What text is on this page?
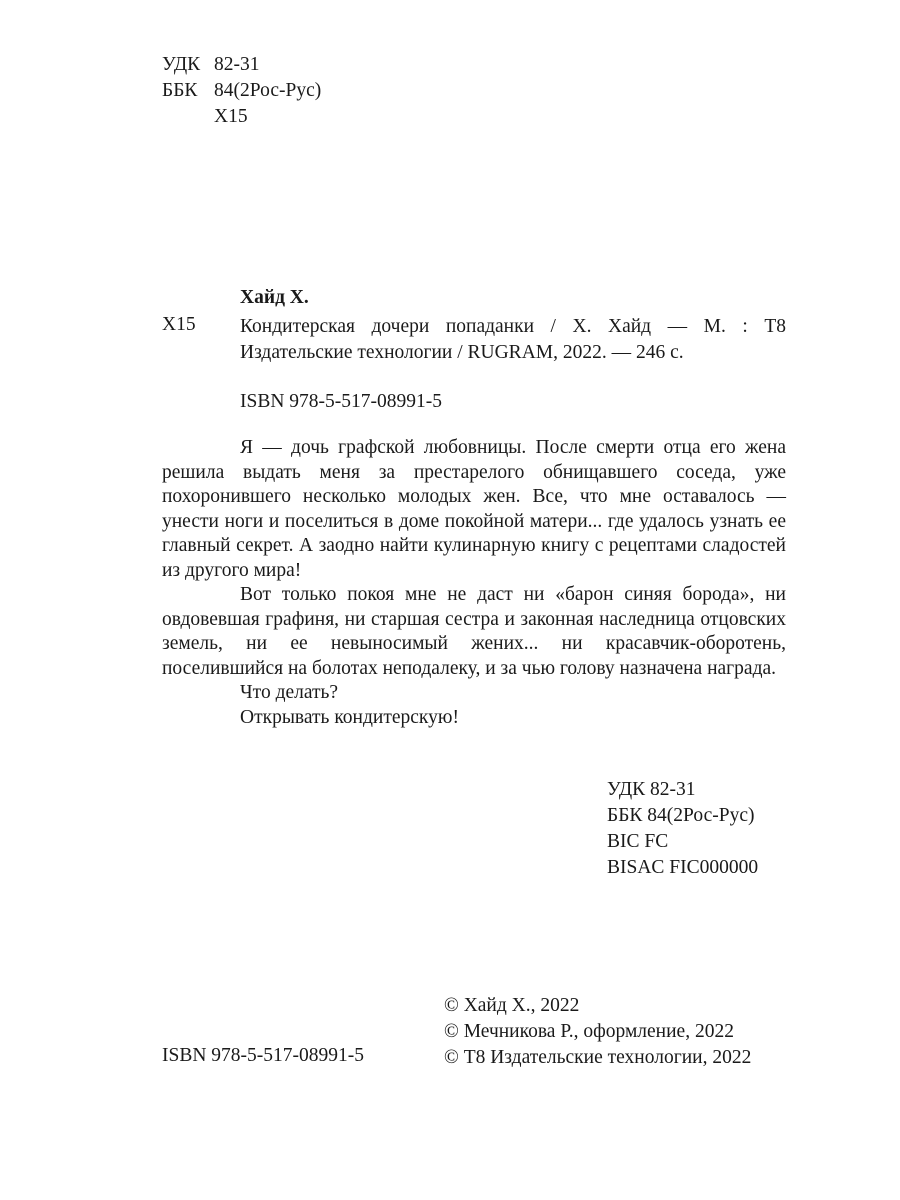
УДК 82-31
ББК 84(2Рос-Рус)
Х15
Хайд Х.
Х15 Кондитерская дочери попаданки / Х. Хайд — М. : Т8 Издательские технологии / RUGRAM, 2022. — 246 с.
ISBN 978-5-517-08991-5

Я — дочь графской любовницы. После смерти отца его жена решила выдать меня за престарелого обнищавшего соседа, уже похоронившего несколько молодых жен. Все, что мне оставалось — унести ноги и поселиться в доме покойной матери... где удалось узнать ее главный секрет. А заодно найти кулинарную книгу с рецептами сладостей из другого мира!

Вот только покоя мне не даст ни «барон синяя борода», ни овдовевшая графиня, ни старшая сестра и законная наследница отцовских земель, ни ее невыносимый жених... ни красавчик-оборотень, поселившийся на болотах неподалеку, и за чью голову назначена награда.

Что делать?

Открывать кондитерскую!

УДК 82-31
ББК 84(2Рос-Рус)
BIC FC
BISAC FIC000000
ISBN 978-5-517-08991-5
© Хайд Х., 2022
© Мечникова Р., оформление, 2022
© Т8 Издательские технологии, 2022
